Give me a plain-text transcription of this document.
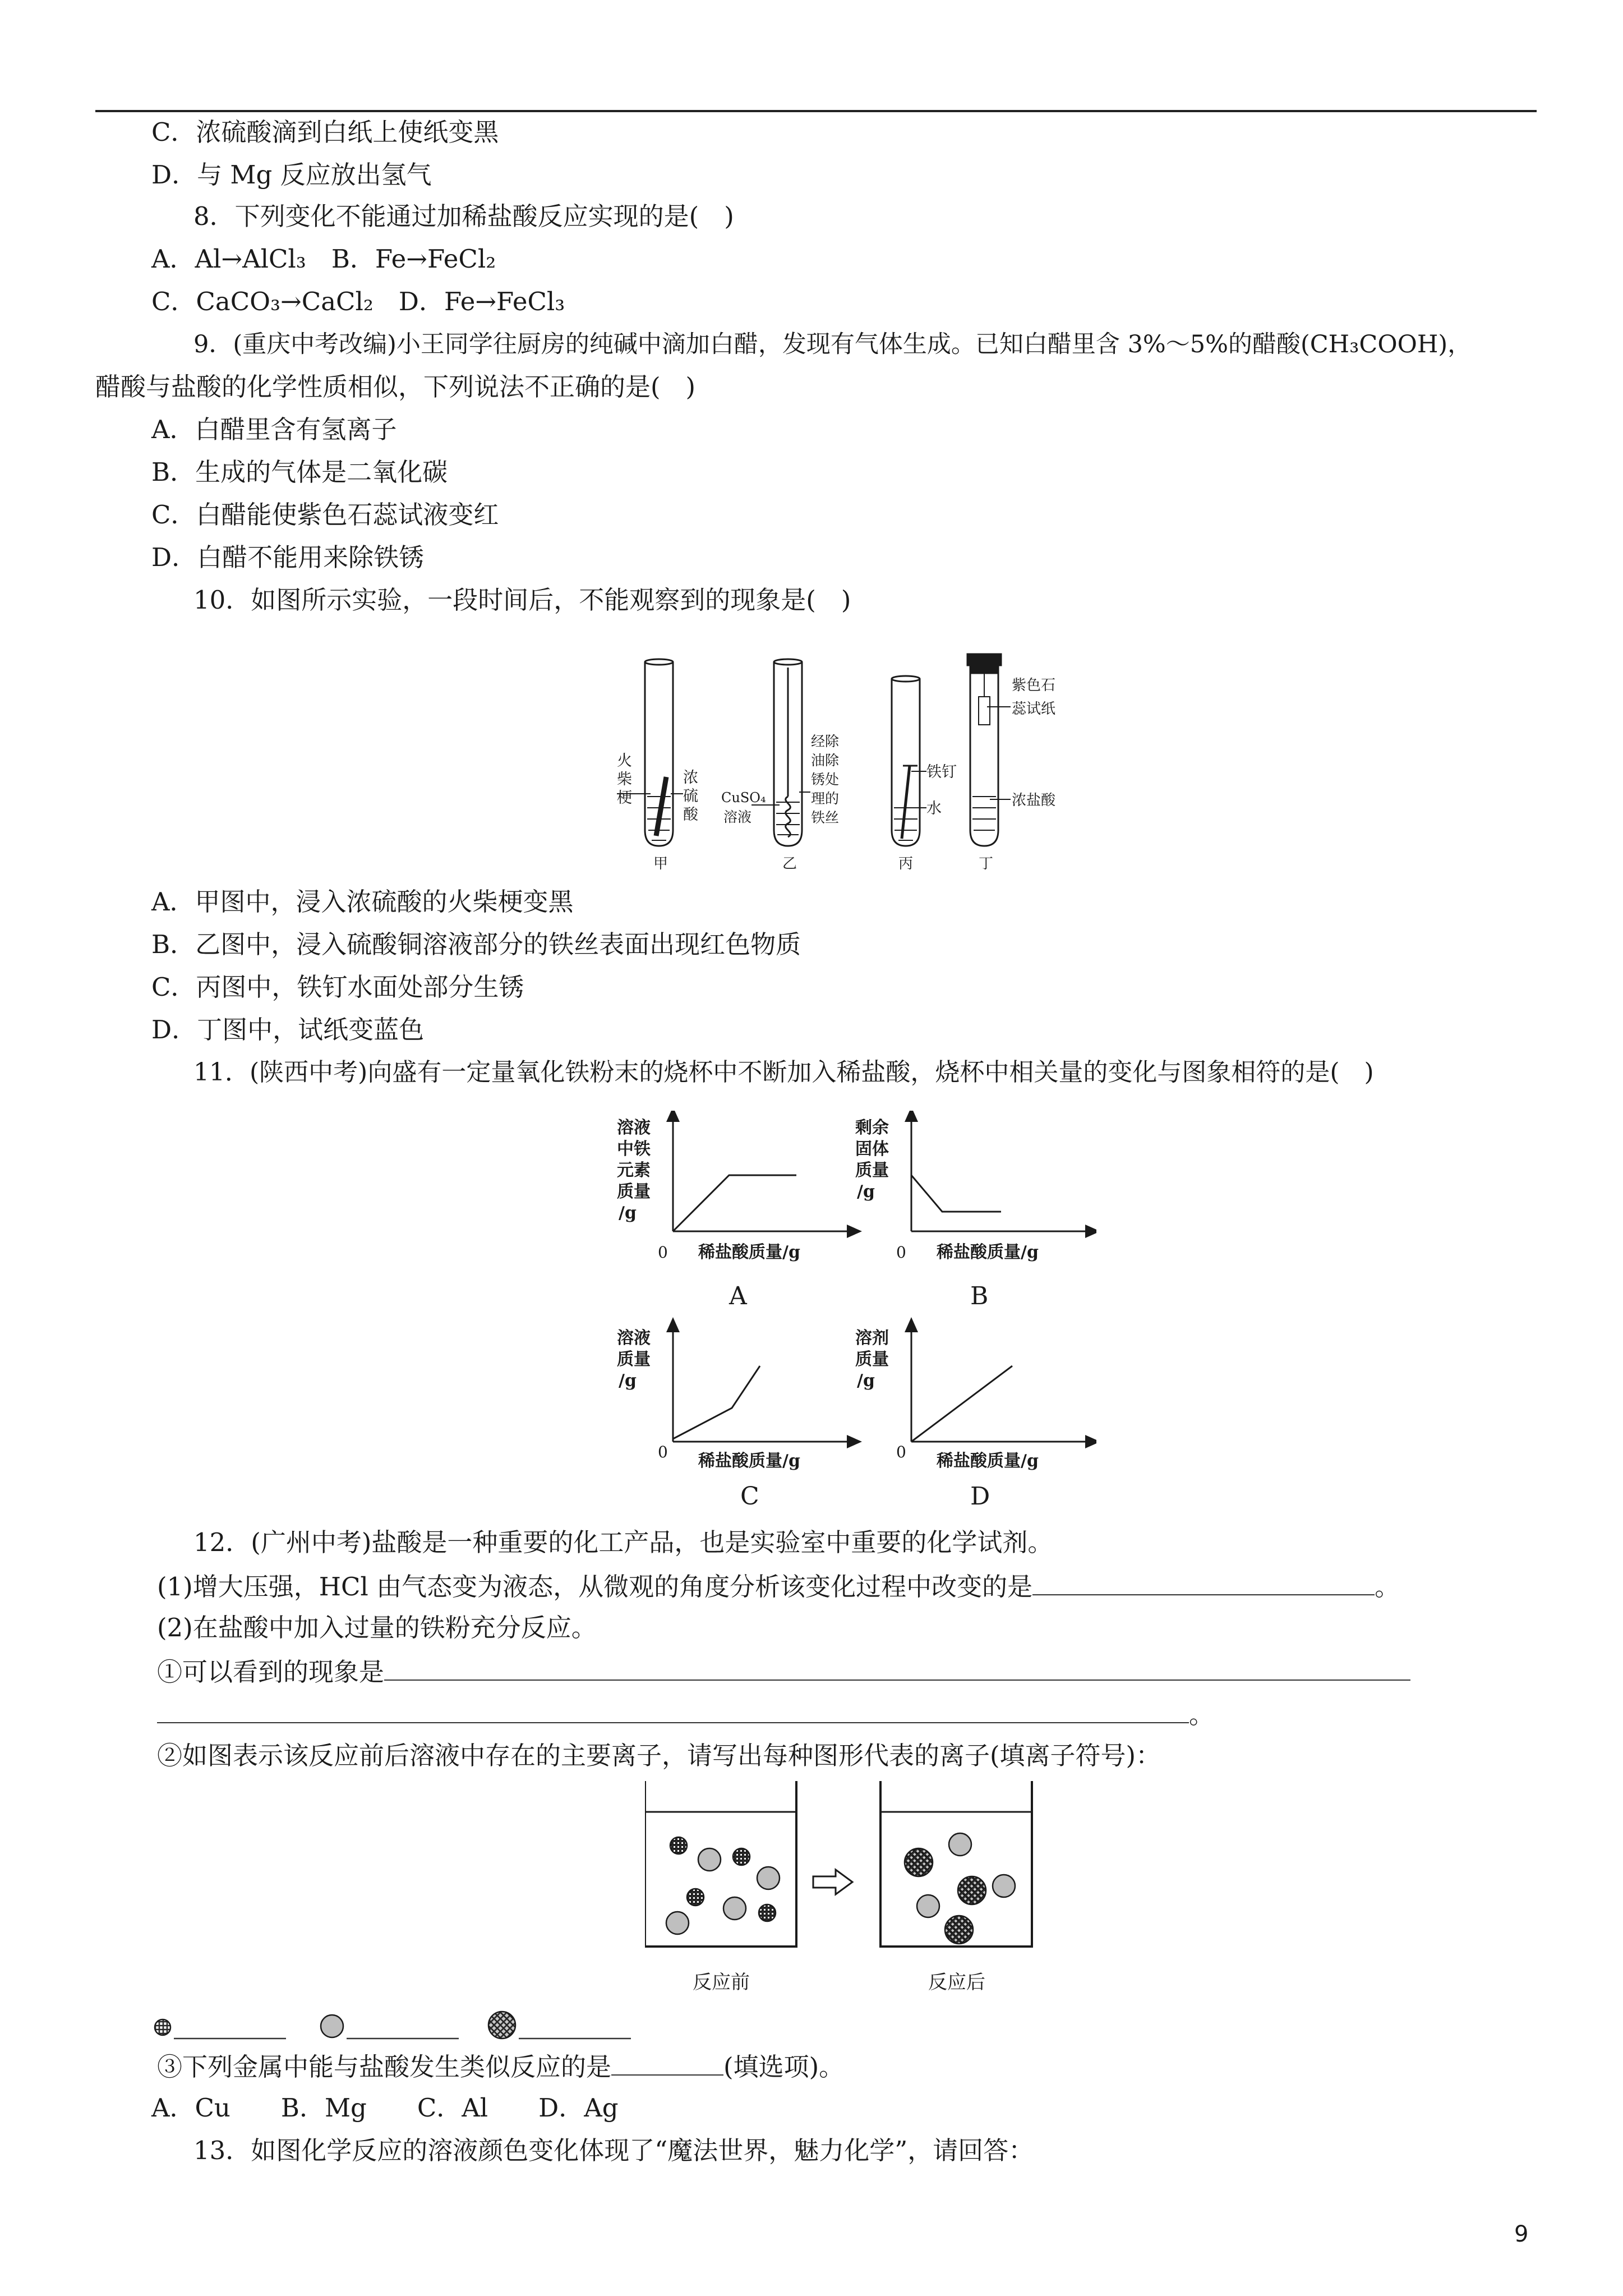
C．浓硫酸滴到白纸上使纸变黑
D．与 Mg 反应放出氢气
8．下列变化不能通过加稀盐酸反应实现的是(　)
A．Al→AlCl₃　B．Fe→FeCl₂
C．CaCO₃→CaCl₂　D．Fe→FeCl₃
9．(重庆中考改编)小王同学往厨房的纯碱中滴加白醋，发现有气体生成。已知白醋里含 3%～5%的醋酸(CH₃COOH)，
醋酸与盐酸的化学性质相似，下列说法不正确的是(　)
A．白醋里含有氢离子
B．生成的气体是二氧化碳
C．白醋能使紫色石蕊试液变红
D．白醋不能用来除铁锈
10．如图所示实验，一段时间后，不能观察到的现象是(　)
火
柴
梗
浓
硫
酸
CuSO₄
溶液
经除
油除
锈处
理的
铁丝
铁钉
水
紫色石
蕊试纸
浓盐酸
甲	乙	丙	丁
A．甲图中，浸入浓硫酸的火柴梗变黑
B．乙图中，浸入硫酸铜溶液部分的铁丝表面出现红色物质
C．丙图中，铁钉水面处部分生锈
D．丁图中，试纸变蓝色
11．(陕西中考)向盛有一定量氧化铁粉末的烧杯中不断加入稀盐酸，烧杯中相关量的变化与图象相符的是(　)
溶液
中铁
元素
质量
/g
剩余
固体
质量
/g
溶液
质量
/g
溶剂
质量
/g
稀盐酸质量/g	稀盐酸质量/g
稀盐酸质量/g	稀盐酸质量/g
0	0
0	0
A	B
C	D
12．(广州中考)盐酸是一种重要的化工产品，也是实验室中重要的化学试剂。
(1)增大压强，HCl 由气态变为液态，从微观的角度分析该变化过程中改变的是	。
(2)在盐酸中加入过量的铁粉充分反应。
①可以看到的现象是
。
②如图表示该反应前后溶液中存在的主要离子，请写出每种图形代表的离子(填离子符号)：
反应前	反应后
③下列金属中能与盐酸发生类似反应的是	(填选项)。
A．Cu　　B．Mg　　C．Al　　D．Ag
13．如图化学反应的溶液颜色变化体现了“魔法世界，魅力化学”，请回答：
9
